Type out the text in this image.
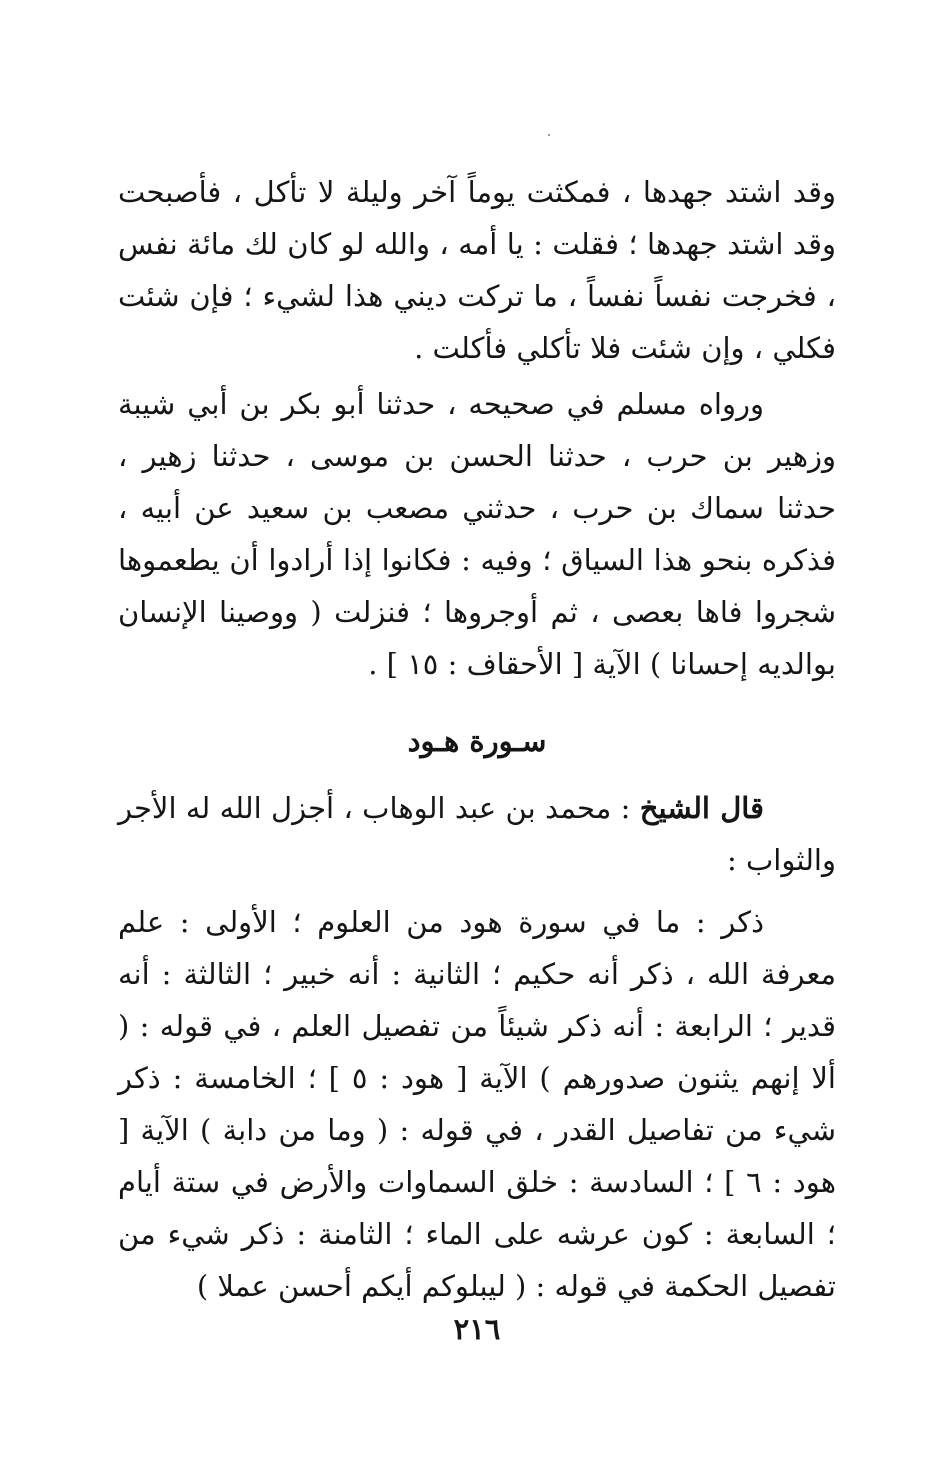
وقد اشتد جهدها ، فمكثت يوماً آخر وليلة لا تأكل ، فأصبحت وقد اشتد جهدها ؛ فقلت : يا أمه ، والله لو كان لك مائة نفس ، فخرجت نفساً نفساً ، ما تركت ديني هذا لشيء ؛ فإن شئت فكلي ، وإن شئت فلا تأكلي فأكلت .

ورواه مسلم في صحيحه ، حدثنا أبو بكر بن أبي شيبة وزهير بن حرب ، حدثنا الحسن بن موسى ، حدثنا زهير ، حدثنا سماك بن حرب ، حدثني مصعب بن سعيد عن أبيه ، فذكره بنحو هذا السياق ؛ وفيه : فكانوا إذا أرادوا أن يطعموها شجروا فاها بعصى ، ثم أوجروها ؛ فنزلت ( ووصينا الإنسان بوالديه إحسانا ) الآية [ الأحقاف : ١٥ ] .

سـورة هـود

قال الشيخ : محمد بن عبد الوهاب ، أجزل الله له الأجر والثواب :

ذكر : ما في سورة هود من العلوم ؛ الأولى : علم معرفة الله ، ذكر أنه حكيم ؛ الثانية : أنه خبير ؛ الثالثة : أنه قدير ؛ الرابعة : أنه ذكر شيئاً من تفصيل العلم ، في قوله : ( ألا إنهم يثنون صدورهم ) الآية [ هود : ٥ ] ؛ الخامسة : ذكر شيء من تفاصيل القدر ، في قوله : ( وما من دابة ) الآية [ هود : ٦ ] ؛ السادسة : خلق السماوات والأرض في ستة أيام ؛ السابعة : كون عرشه على الماء ؛ الثامنة : ذكر شيء من تفصيل الحكمة في قوله : ( ليبلوكم أيكم أحسن عملا )

٢١٦
